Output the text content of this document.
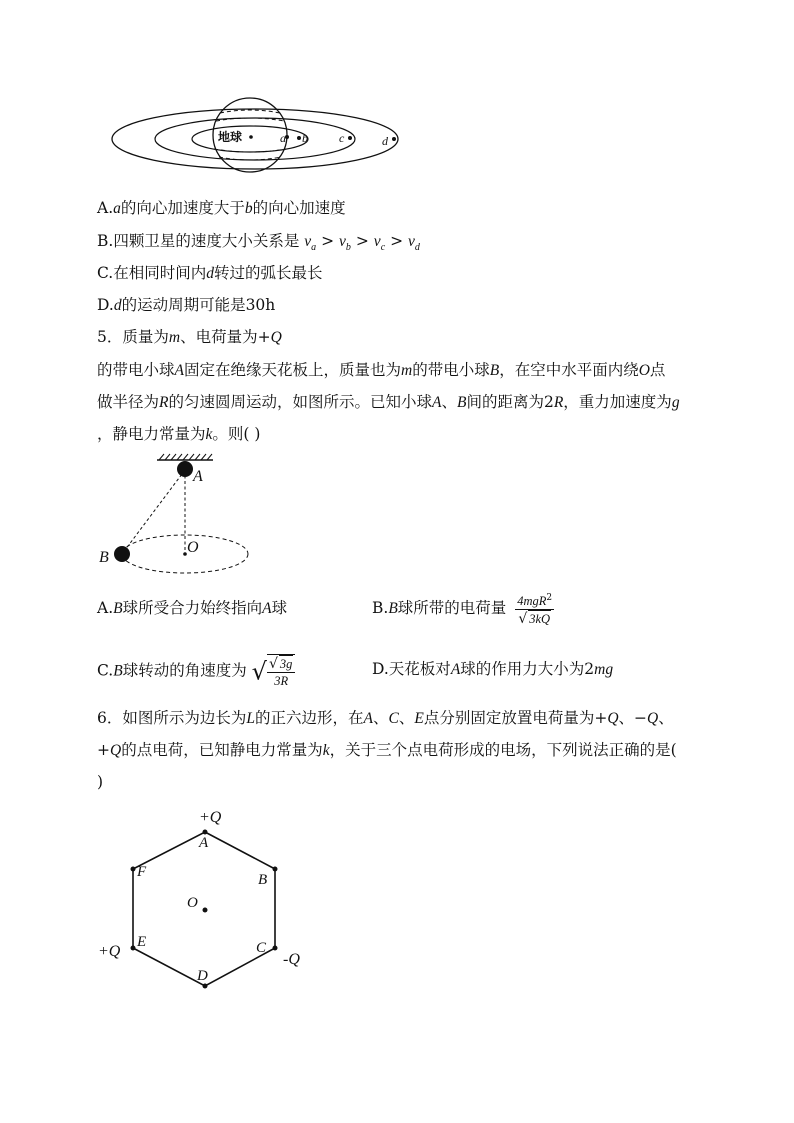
地球	a b	c	d
A.a的向心加速度大于b的向心加速度
B.四颗卫星的速度大小关系是 $v_a > v_b > v_c > v_d$
C.在相同时间内d转过的弧长最长
D.d的运动周期可能是30h
5．质量为m、电荷量为+Q
的带电小球A固定在绝缘天花板上，质量也为m的带电小球B，在空中水平面内绕O点
做半径为R的匀速圆周运动，如图所示。已知小球A、B间的距离为2R，重力加速度为g
，静电力常量为k。则( )
A
B
O
A.B球所受合力始终指向A球	B.B球所带的电荷量 $\frac{4mgR^2}{√ 3kQ}$
C.B球转动的角速度为 √ $\frac{√ 3g}{3R}$	D.天花板对A球的作用力大小为2mg
6．如图所示为边长为L的正六边形，在A、C、E点分别固定放置电荷量为+Q、−Q、
+Q的点电荷，已知静电力常量为k，关于三个点电荷形成的电场，下列说法正确的是(
)
+Q
A
B
C
-Q
D
E
+Q
F
O
